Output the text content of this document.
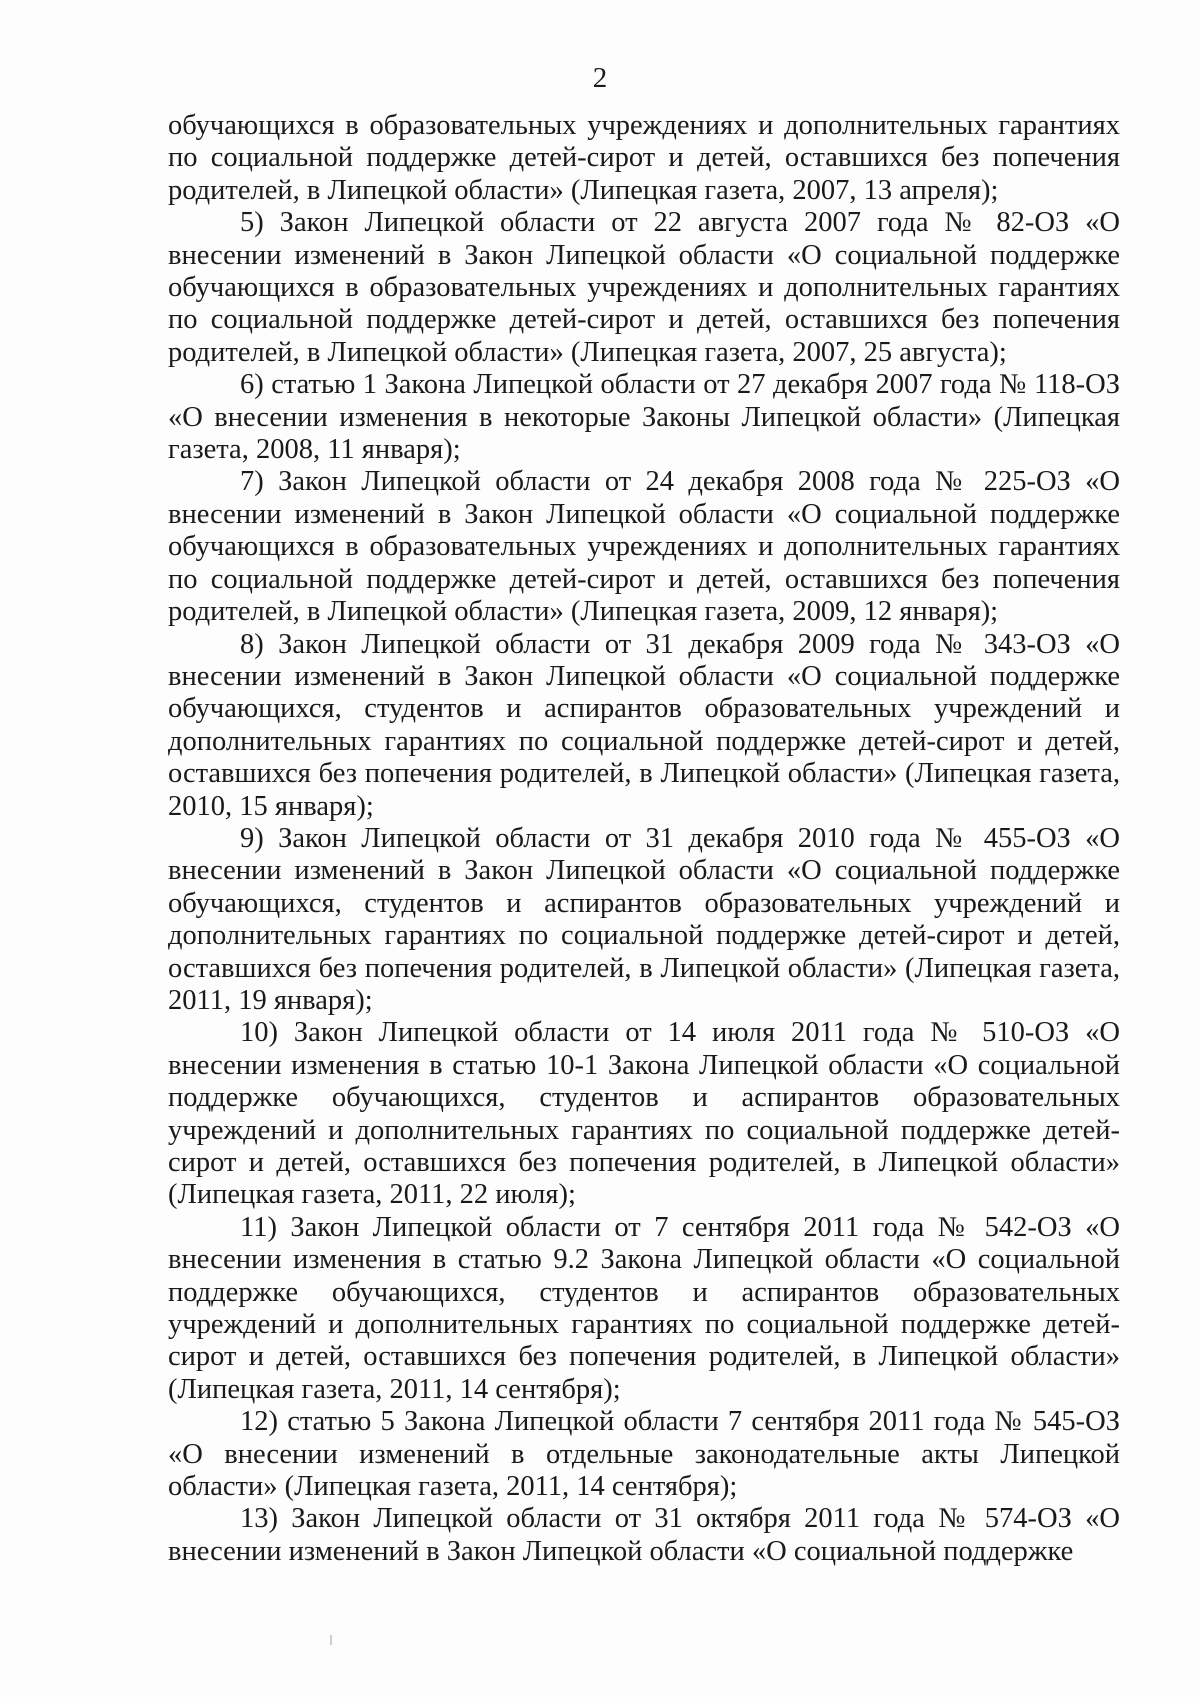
2

обучающихся в образовательных учреждениях и дополнительных гарантиях по социальной поддержке детей-сирот и детей, оставшихся без попечения родителей, в Липецкой области» (Липецкая газета, 2007, 13 апреля);

5) Закон Липецкой области от 22 августа 2007 года № 82-ОЗ «О внесении изменений в Закон Липецкой области «О социальной поддержке обучающихся в образовательных учреждениях и дополнительных гарантиях по социальной поддержке детей-сирот и детей, оставшихся без попечения родителей, в Липецкой области» (Липецкая газета, 2007, 25 августа);

6) статью 1 Закона Липецкой области от 27 декабря 2007 года № 118-ОЗ «О внесении изменения в некоторые Законы Липецкой области» (Липецкая газета, 2008, 11 января);

7) Закон Липецкой области от 24 декабря 2008 года № 225-ОЗ «О внесении изменений в Закон Липецкой области «О социальной поддержке обучающихся в образовательных учреждениях и дополнительных гарантиях по социальной поддержке детей-сирот и детей, оставшихся без попечения родителей, в Липецкой области» (Липецкая газета, 2009, 12 января);

8) Закон Липецкой области от 31 декабря 2009 года № 343-ОЗ «О внесении изменений в Закон Липецкой области «О социальной поддержке обучающихся, студентов и аспирантов образовательных учреждений и дополнительных гарантиях по социальной поддержке детей-сирот и детей, оставшихся без попечения родителей, в Липецкой области» (Липецкая газета, 2010, 15 января);

9) Закон Липецкой области от 31 декабря 2010 года № 455-ОЗ «О внесении изменений в Закон Липецкой области «О социальной поддержке обучающихся, студентов и аспирантов образовательных учреждений и дополнительных гарантиях по социальной поддержке детей-сирот и детей, оставшихся без попечения родителей, в Липецкой области» (Липецкая газета, 2011, 19 января);

10) Закон Липецкой области от 14 июля 2011 года № 510-ОЗ «О внесении изменения в статью 10-1 Закона Липецкой области «О социальной поддержке обучающихся, студентов и аспирантов образовательных учреждений и дополнительных гарантиях по социальной поддержке детей-сирот и детей, оставшихся без попечения родителей, в Липецкой области» (Липецкая газета, 2011, 22 июля);

11) Закон Липецкой области от 7 сентября 2011 года № 542-ОЗ «О внесении изменения в статью 9.2 Закона Липецкой области «О социальной поддержке обучающихся, студентов и аспирантов образовательных учреждений и дополнительных гарантиях по социальной поддержке детей-сирот и детей, оставшихся без попечения родителей, в Липецкой области» (Липецкая газета, 2011, 14 сентября);

12) статью 5 Закона Липецкой области 7 сентября 2011 года № 545-ОЗ «О внесении изменений в отдельные законодательные акты Липецкой области» (Липецкая газета, 2011, 14 сентября);

13) Закон Липецкой области от 31 октября 2011 года № 574-ОЗ «О внесении изменений в Закон Липецкой области «О социальной поддержке
